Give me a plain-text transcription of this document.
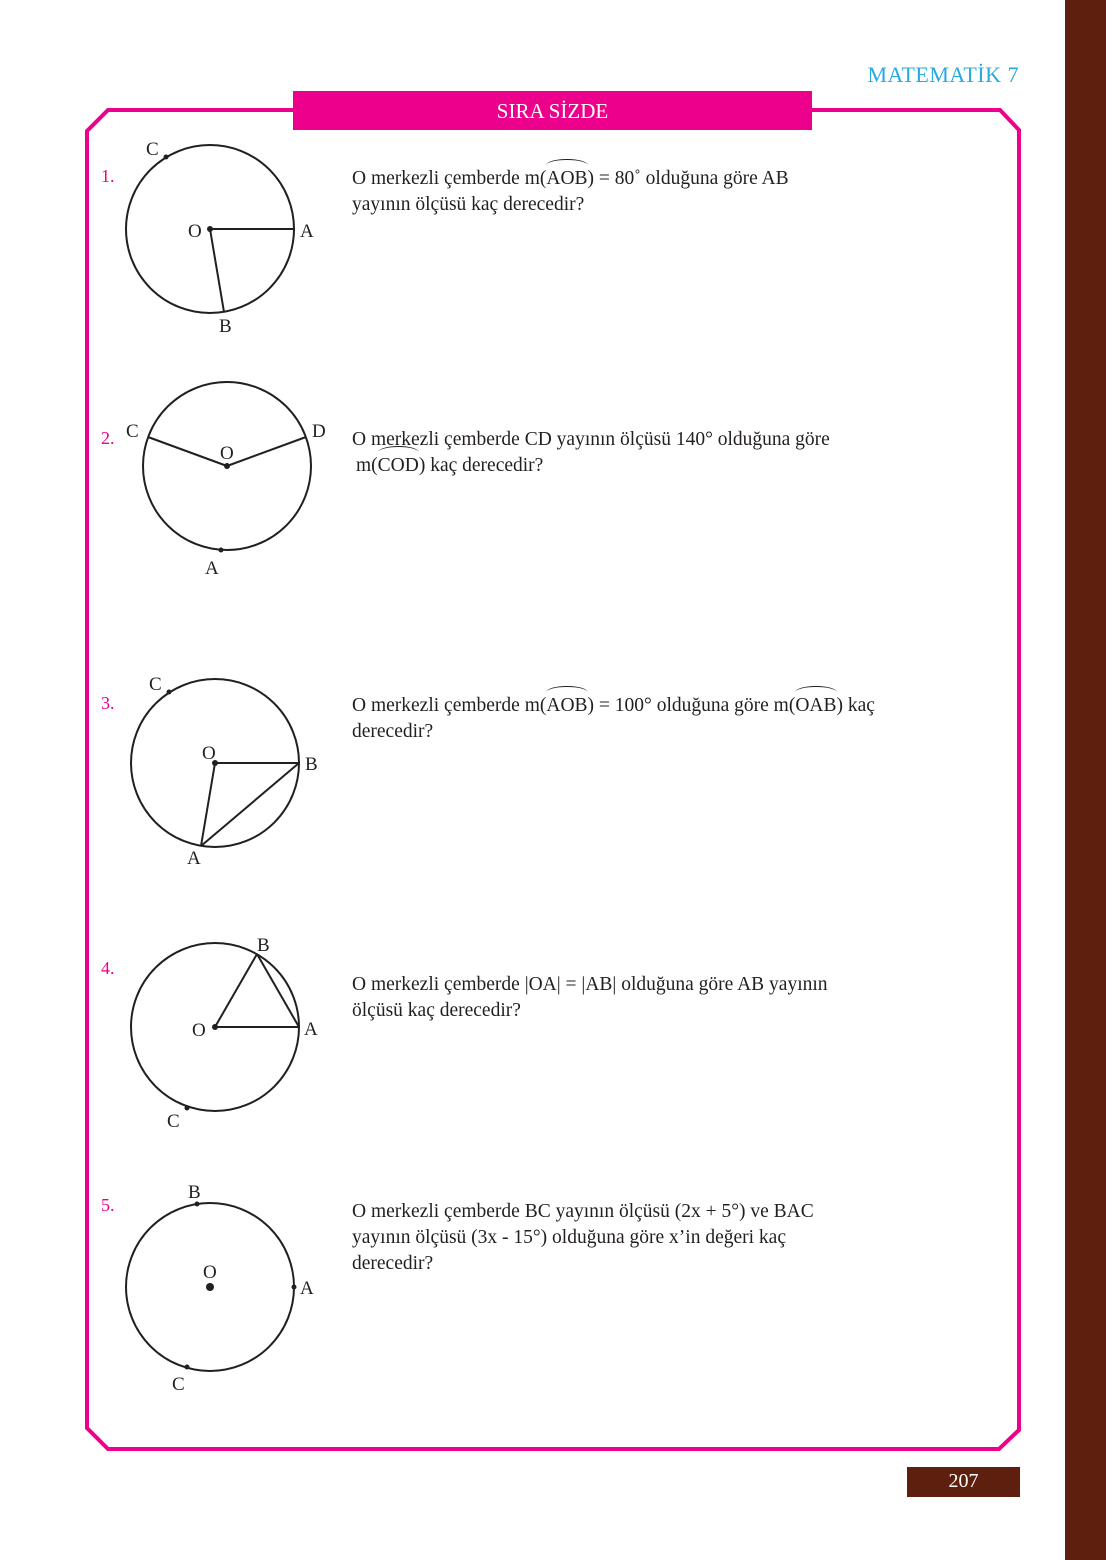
MATEMATİK 7
SIRA SİZDE
1.	O merkezli çemberde m(AOB) = 80˚ olduğuna göre AB
yayının ölçüsü kaç derecedir?
2.	O merkezli çemberde CD yayının ölçüsü 140° olduğuna göre
m(COD) kaç derecedir?
3.	O merkezli çemberde m(AOB) = 100° olduğuna göre m(OAB) kaç
derecedir?
4.
O merkezli çemberde |OA| = |AB| olduğuna göre AB yayının
ölçüsü kaç derecedir?
5.	O merkezli çemberde BC yayının ölçüsü (2x + 5°) ve BAC
yayının ölçüsü (3x - 15°) olduğuna göre x’in değeri kaç
derecedir?
C
O	A
B
C	D
O
A
C
O
B
A
B
O	A
C
B
O
A
C
207
